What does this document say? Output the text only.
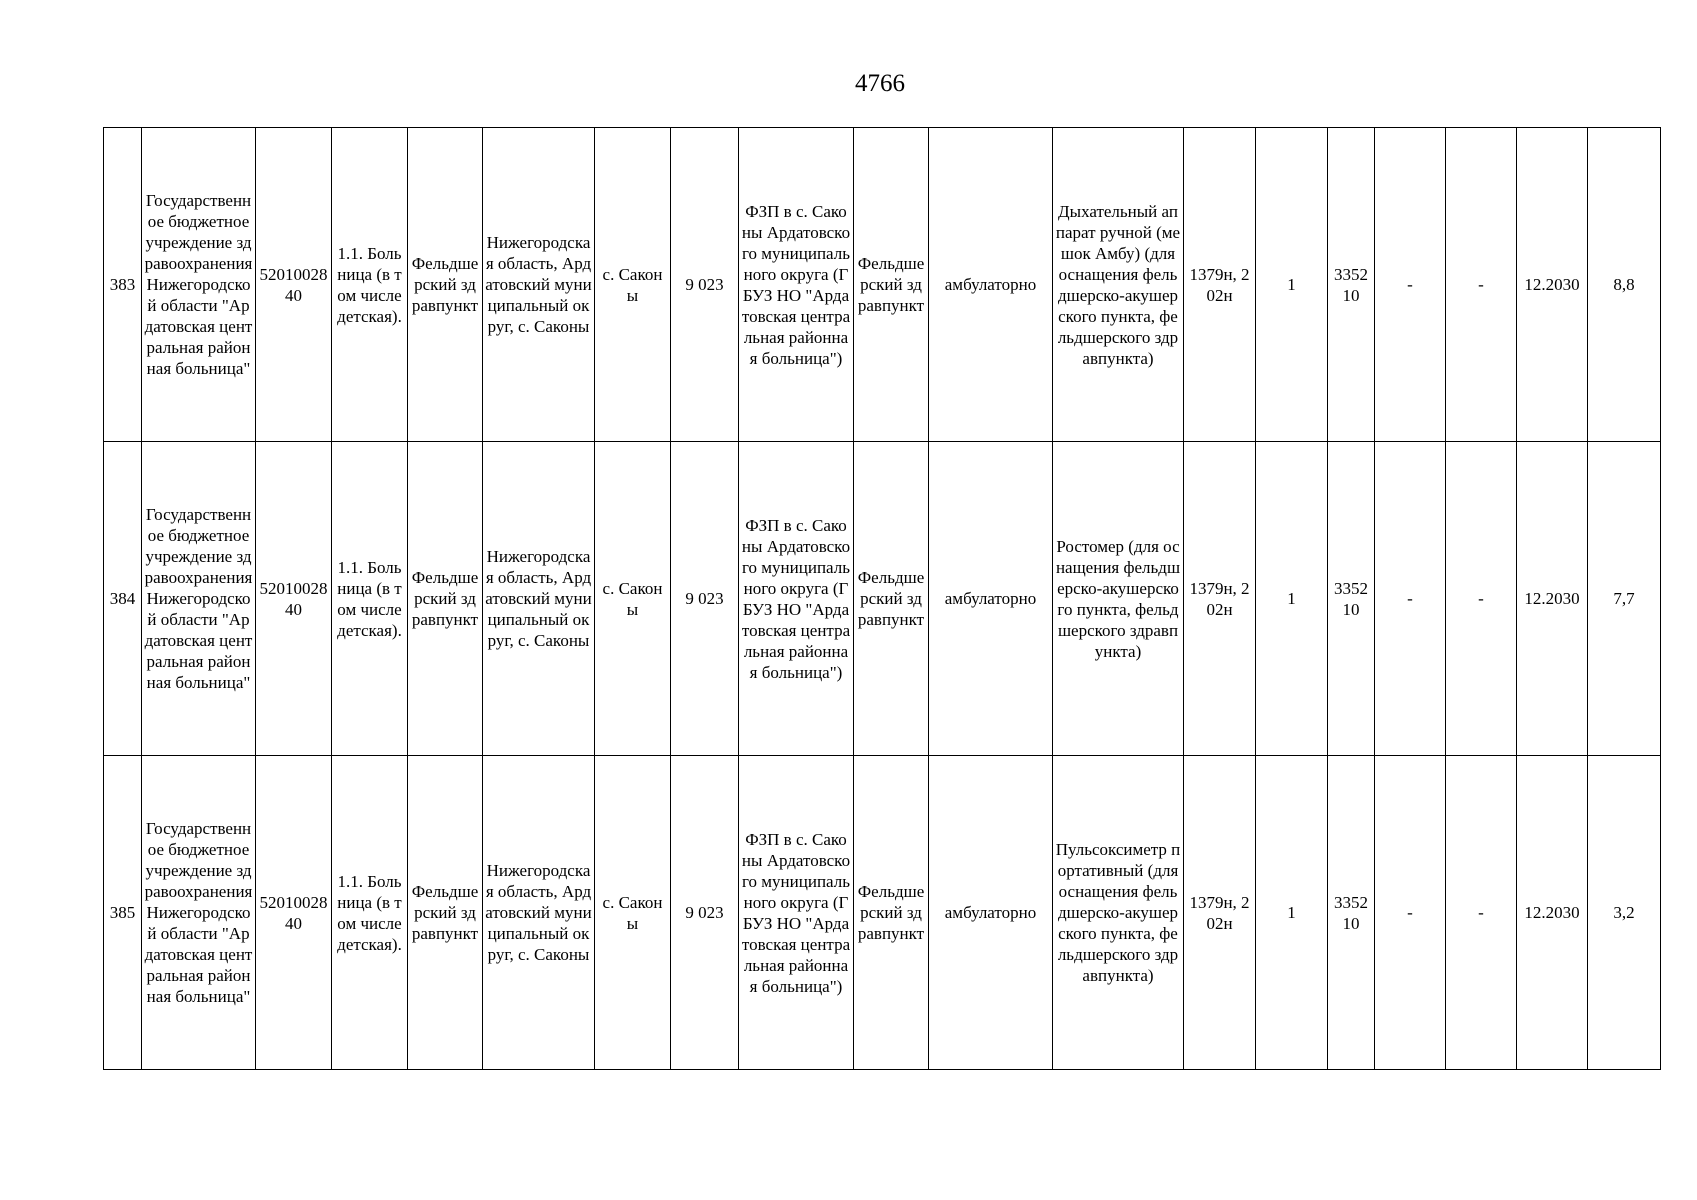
4766
383	Государственное бюджетное учреждение здравоохранения Нижегородской области "Ардатовская центральная районная больница"	5201002840	1.1. Больница (в том числе детская).	Фельдшерский здравпункт	Нижегородская область, Ардатовский муниципальный округ, с. Саконы	с. Саконы	9 023	ФЗП в с. Саконы Ардатовского муниципального округа (ГБУЗ НО "Ардатовская центральная районная больница")	Фельдшерский здравпункт	амбулаторно	Дыхательный аппарат ручной (мешок Амбу) (для оснащения фельдшерско-акушерского пункта, фельдшерского здравпункта)	1379н, 202н	1	335210	-	-	12.2030	8,8
384	Государственное бюджетное учреждение здравоохранения Нижегородской области "Ардатовская центральная районная больница"	5201002840	1.1. Больница (в том числе детская).	Фельдшерский здравпункт	Нижегородская область, Ардатовский муниципальный округ, с. Саконы	с. Саконы	9 023	ФЗП в с. Саконы Ардатовского муниципального округа (ГБУЗ НО "Ардатовская центральная районная больница")	Фельдшерский здравпункт	амбулаторно	Ростомер (для оснащения фельдшерско-акушерского пункта, фельдшерского здравпункта)	1379н, 202н	1	335210	-	-	12.2030	7,7
385	Государственное бюджетное учреждение здравоохранения Нижегородской области "Ардатовская центральная районная больница"	5201002840	1.1. Больница (в том числе детская).	Фельдшерский здравпункт	Нижегородская область, Ардатовский муниципальный округ, с. Саконы	с. Саконы	9 023	ФЗП в с. Саконы Ардатовского муниципального округа (ГБУЗ НО "Ардатовская центральная районная больница")	Фельдшерский здравпункт	амбулаторно	Пульсоксиметр портативный (для оснащения фельдшерско-акушерского пункта, фельдшерского здравпункта)	1379н, 202н	1	335210	-	-	12.2030	3,2
